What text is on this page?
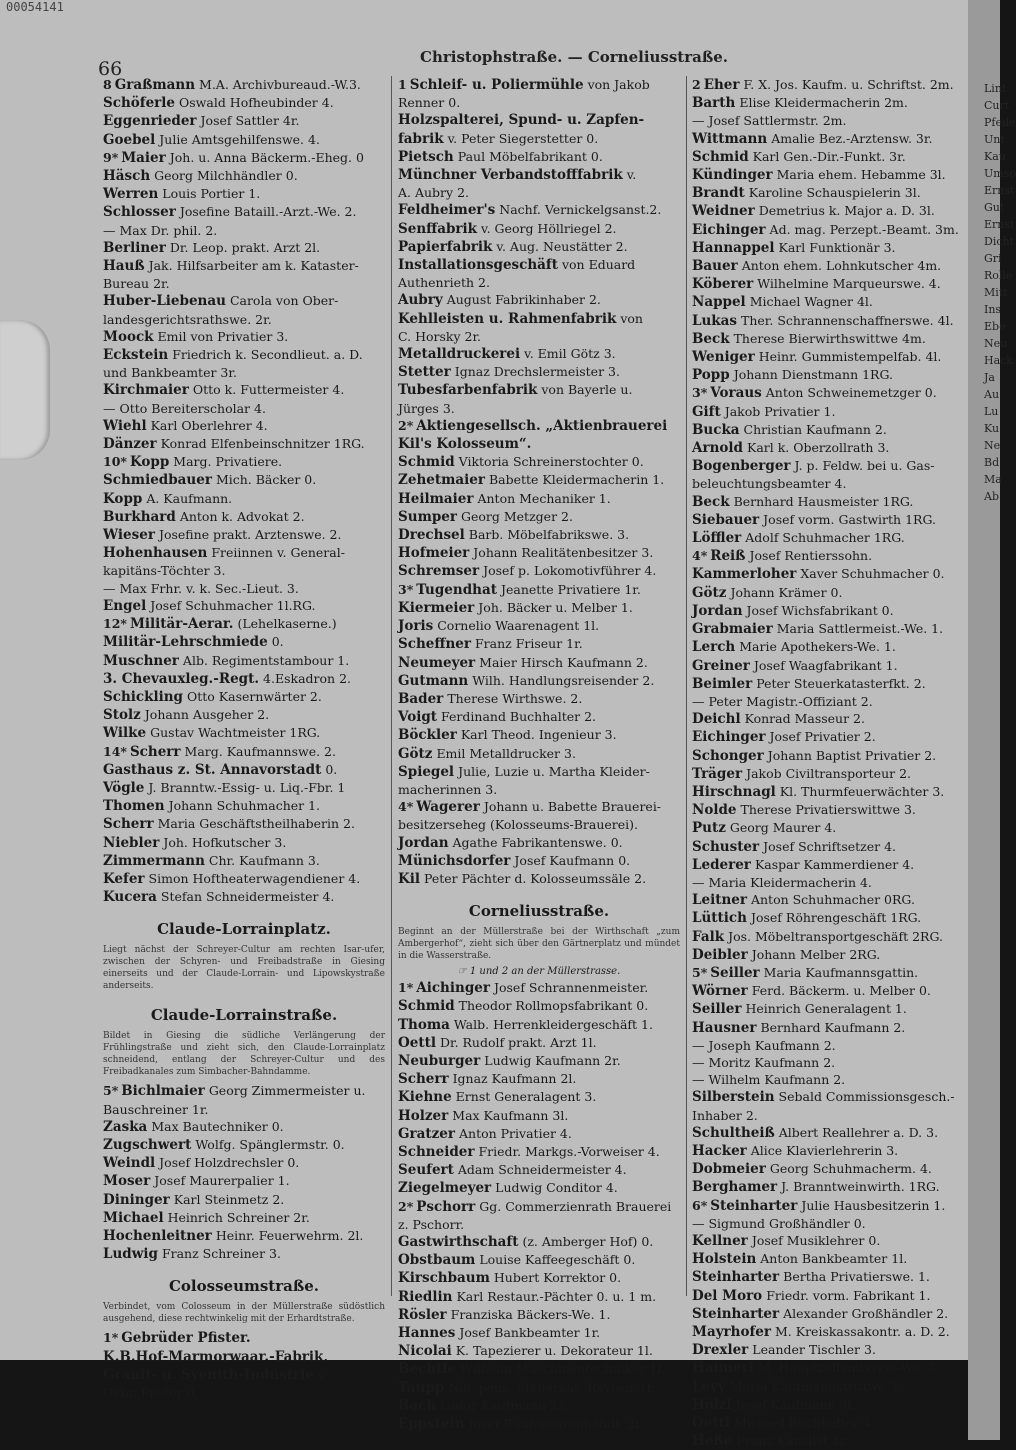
00054141
66
Christophstraße. — Corneliusstraße.
8 Graßmann M.A. Archivbureaud.-W.3.
Schöferle Oswald Hofheubinder 4.
Eggenrieder Josef Sattler 4r.
Goebel Julie Amtsgehilfenswe. 4.
9* Maier Joh. u. Anna Bäckerm.-Eheg. 0
Häsch Georg Milchhändler 0.
Werren Louis Portier 1.
Schlosser Josefine Bataill.-Arzt.-We. 2.
— Max Dr. phil. 2.
Berliner Dr. Leop. prakt. Arzt 2l.
Hauß Jak. Hilfsarbeiter am k. Kataster-
Bureau 2r.
Huber-Liebenau Carola von Ober-
landesgerichtsrathswe. 2r.
Moock Emil von Privatier 3.
Eckstein Friedrich k. Secondlieut. a. D.
und Bankbeamter 3r.
Kirchmaier Otto k. Futtermeister 4.
— Otto Bereiterscholar 4.
Wiehl Karl Oberlehrer 4.
Dänzer Konrad Elfenbeinschnitzer 1RG.
10* Kopp Marg. Privatiere.
Schmiedbauer Mich. Bäcker 0.
Kopp A. Kaufmann.
Burkhard Anton k. Advokat 2.
Wieser Josefine prakt. Arztenswe. 2.
Hohenhausen Freiinnen v. General-
kapitäns-Töchter 3.
— Max Frhr. v. k. Sec.-Lieut. 3.
Engel Josef Schuhmacher 1l.RG.
12* Militär-Aerar. (Lehelkaserne.)
Militär-Lehrschmiede 0.
Muschner Alb. Regimentstambour 1.
3. Chevauxleg.-Regt. 4.Eskadron 2.
Schickling Otto Kasernwärter 2.
Stolz Johann Ausgeher 2.
Wilke Gustav Wachtmeister 1RG.
14* Scherr Marg. Kaufmannswe. 2.
Gasthaus z. St. Annavorstadt 0.
Vögle J. Branntw.-Essig- u. Liq.-Fbr. 1
Thomen Johann Schuhmacher 1.
Scherr Maria Geschäftstheilhaberin 2.
Niebler Joh. Hofkutscher 3.
Zimmermann Chr. Kaufmann 3.
Kefer Simon Hoftheaterwagendiener 4.
Kucera Stefan Schneidermeister 4.
Claude-Lorrainplatz.
Liegt nächst der Schreyer-Cultur am rechten Isar-ufer, zwischen der Schyren- und Freibadstraße in Giesing einerseits und der Claude-Lorrain- und Lipowskystraße anderseits.
Claude-Lorrainstraße.
Bildet in Giesing die südliche Verlängerung der Frühlingstraße und zieht sich, den Claude-Lorrainplatz schneidend, entlang der Schreyer-Cultur und des Freibadkanales zum Simbacher-Bahndamme.
5* Bichlmaier Georg Zimmermeister u.
Bauschreiner 1r.
Zaska Max Bautechniker 0.
Zugschwert Wolfg. Spänglermstr. 0.
Weindl Josef Holzdrechsler 0.
Moser Josef Maurerpalier 1.
Dininger Karl Steinmetz 2.
Michael Heinrich Schreiner 2r.
Hochenleitner Heinr. Feuerwehrm. 2l.
Ludwig Franz Schreiner 3.
Colosseumstraße.
Verbindet, vom Colosseum in der Müllerstraße südöstlich ausgehend, diese rechtwinkelig mit der Erhardtstraße.
1* Gebrüder Pfister.
K.B.Hof-Marmorwaar.-Fabrik,
Granit- u. Syenith-Industrie v.
Gebr. Pfister 0.
1 Schleif- u. Poliermühle von Jakob
Renner 0.
Holzspalterei, Spund- u. Zapfen-
fabrik v. Peter Siegerstetter 0.
Pietsch Paul Möbelfabrikant 0.
Münchner Verbandstofffabrik v.
A. Aubry 2.
Feldheimer's Nachf. Vernickelgsanst.2.
Senffabrik v. Georg Höllriegel 2.
Papierfabrik v. Aug. Neustätter 2.
Installationsgeschäft von Eduard
Authenrieth 2.
Aubry August Fabrikinhaber 2.
Kehlleisten u. Rahmenfabrik von
C. Horsky 2r.
Metalldruckerei v. Emil Götz 3.
Stetter Ignaz Drechslermeister 3.
Tubesfarbenfabrik von Bayerle u.
Jürges 3.
2* Aktiengesellsch. „Aktienbrauerei
Kil's Kolosseum“.
Schmid Viktoria Schreinerstochter 0.
Zehetmaier Babette Kleidermacherin 1.
Heilmaier Anton Mechaniker 1.
Sumper Georg Metzger 2.
Drechsel Barb. Möbelfabrikswe. 3.
Hofmeier Johann Realitätenbesitzer 3.
Schremser Josef p. Lokomotivführer 4.
3* Tugendhat Jeanette Privatiere 1r.
Kiermeier Joh. Bäcker u. Melber 1.
Joris Cornelio Waarenagent 1l.
Scheffner Franz Friseur 1r.
Neumeyer Maier Hirsch Kaufmann 2.
Gutmann Wilh. Handlungsreisender 2.
Bader Therese Wirthswe. 2.
Voigt Ferdinand Buchhalter 2.
Böckler Karl Theod. Ingenieur 3.
Götz Emil Metalldrucker 3.
Spiegel Julie, Luzie u. Martha Kleider-
macherinnen 3.
4* Wagerer Johann u. Babette Brauerei-
besitzerseheg (Kolosseums-Brauerei).
Jordan Agathe Fabrikantenswe. 0.
Münichsdorfer Josef Kaufmann 0.
Kil Peter Pächter d. Kolosseumssäle 2.
Corneliusstraße.
Beginnt an der Müllerstraße bei der Wirthschaft „zum Ambergerhof“, zieht sich über den Gärtnerplatz und mündet in die Wasserstraße.
☞ 1 und 2 an der Müllerstrasse.
1* Aichinger Josef Schrannenmeister.
Schmid Theodor Rollmopsfabrikant 0.
Thoma Walb. Herrenkleidergeschäft 1.
Oettl Dr. Rudolf prakt. Arzt 1l.
Neuburger Ludwig Kaufmann 2r.
Scherr Ignaz Kaufmann 2l.
Kiehne Ernst Generalagent 3.
Holzer Max Kaufmann 3l.
Gratzer Anton Privatier 4.
Schneider Friedr. Markgs.-Vorweiser 4.
Seufert Adam Schneidermeister 4.
Ziegelmeyer Ludwig Conditor 4.
2* Pschorr Gg. Commerzienrath Brauerei
z. Pschorr.
Gastwirthschaft (z. Amberger Hof) 0.
Obstbaum Louise Kaffeegeschäft 0.
Kirschbaum Hubert Korrektor 0.
Riedlin Karl Restaur.-Pächter 0. u. 1 m.
Rösler Franziska Bäckers-We. 1.
Hannes Josef Bankbeamter 1r.
Nicolai K. Tapezierer u. Dekorateur 1l.
Bechtle Wilhelm Maschinentechniker 1l.
Taupp Nik. pens. Steuerkat.-Revisor 1r.
Bach Isidor Kaufmann 2r.
Eppstein Josef Rauhwaarenhändl. 2l.
2 Eher F. X. Jos. Kaufm. u. Schriftst. 2m.
Barth Elise Kleidermacherin 2m.
— Josef Sattlermstr. 2m.
Wittmann Amalie Bez.-Arztensw. 3r.
Schmid Karl Gen.-Dir.-Funkt. 3r.
Kündinger Maria ehem. Hebamme 3l.
Brandt Karoline Schauspielerin 3l.
Weidner Demetrius k. Major a. D. 3l.
Eichinger Ad. mag. Perzept.-Beamt. 3m.
Hannappel Karl Funktionär 3.
Bauer Anton ehem. Lohnkutscher 4m.
Köberer Wilhelmine Marqueurswe. 4.
Nappel Michael Wagner 4l.
Lukas Ther. Schrannenschaffnerswe. 4l.
Beck Therese Bierwirthswittwe 4m.
Weniger Heinr. Gummistempelfab. 4l.
Popp Johann Dienstmann 1RG.
3* Voraus Anton Schweinemetzger 0.
Gift Jakob Privatier 1.
Bucka Christian Kaufmann 2.
Arnold Karl k. Oberzollrath 3.
Bogenberger J. p. Feldw. bei u. Gas-
beleuchtungsbeamter 4.
Beck Bernhard Hausmeister 1RG.
Siebauer Josef vorm. Gastwirth 1RG.
Löffler Adolf Schuhmacher 1RG.
4* Reiß Josef Rentierssohn.
Kammerloher Xaver Schuhmacher 0.
Götz Johann Krämer 0.
Jordan Josef Wichsfabrikant 0.
Grabmaier Maria Sattlermeist.-We. 1.
Lerch Marie Apothekers-We. 1.
Greiner Josef Waagfabrikant 1.
Beimler Peter Steuerkatasterfkt. 2.
— Peter Magistr.-Offiziant 2.
Deichl Konrad Masseur 2.
Eichinger Josef Privatier 2.
Schonger Johann Baptist Privatier 2.
Träger Jakob Civiltransporteur 2.
Hirschnagl Kl. Thurmfeuerwächter 3.
Nolde Therese Privatierswittwe 3.
Putz Georg Maurer 4.
Schuster Josef Schriftsetzer 4.
Lederer Kaspar Kammerdiener 4.
— Maria Kleidermacherin 4.
Leitner Anton Schuhmacher 0RG.
Lüttich Josef Röhrengeschäft 1RG.
Falk Jos. Möbeltransportgeschäft 2RG.
Deibler Johann Melber 2RG.
5* Seiller Maria Kaufmannsgattin.
Wörner Ferd. Bäckerm. u. Melber 0.
Seiller Heinrich Generalagent 1.
Hausner Bernhard Kaufmann 2.
— Joseph Kaufmann 2.
— Moritz Kaufmann 2.
— Wilhelm Kaufmann 2.
Silberstein Sebald Commissionsgesch.-
Inhaber 2.
Schultheiß Albert Reallehrer a. D. 3.
Hacker Alice Klavierlehrerin 3.
Dobmeier Georg Schuhmacherm. 4.
Berghamer J. Branntweinwirth. 1RG.
6* Steinharter Julie Hausbesitzerin 1.
— Sigmund Großhändler 0.
Kellner Josef Musiklehrer 0.
Holstein Anton Bankbeamter 1l.
Steinharter Bertha Privatierswe. 1.
Del Moro Friedr. vorm. Fabrikant 1.
Steinharter Alexander Großhändler 2.
Mayrhofer M. Kreiskassakontr. a. D. 2.
Drexler Leander Tischler 3.
Haimerl M. Hauptzollamtsvrw.-We. 3.
Levy Maria Kaufmannswittwe 3.
Hölzl Josef Kaufmann 3l.
Oettl Michael Buchhalter 4.
Heße Franz Kanzlist 4r.
Lint
Curt
Pfeile
Unt
Kau
Umso
Ernst
Gut
Ernst
Dicht
Gri
Rolle
Mitt
Ins
Ebe
Neu
Hack
Ja
Au
Lu
Ku
Ne
Bd
Ma
Ab
